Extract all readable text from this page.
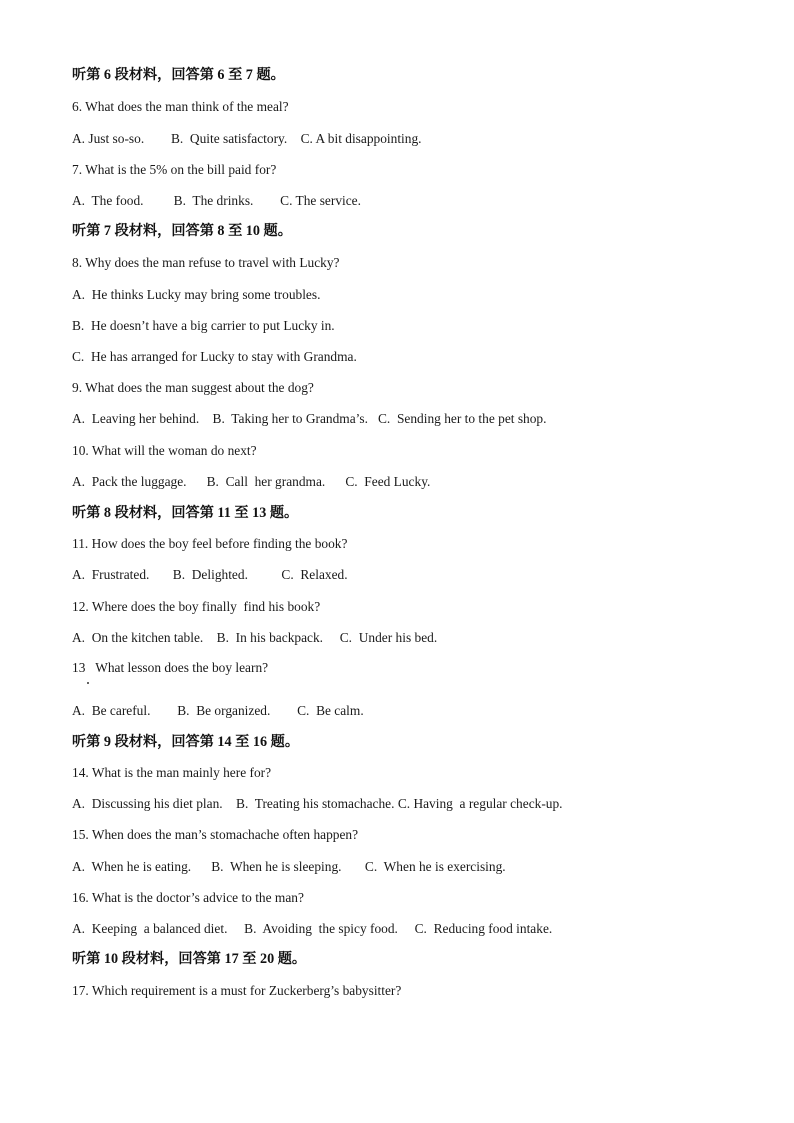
听第 6 段材料，回答第 6 至 7 题。
6. What does the man think of the meal?
A. Just so-so.        B.  Quite satisfactory.    C. A bit disappointing.
7. What is the 5% on the bill paid for?
A.  The food.         B.  The drinks.        C. The service.
听第 7 段材料，回答第 8 至 10 题。
8. Why does the man refuse to travel with Lucky?
A.  He thinks Lucky may bring some troubles.
B.  He doesn’t have a big carrier to put Lucky in.
C.  He has arranged for Lucky to stay with Grandma.
9. What does the man suggest about the dog?
A.  Leaving her behind.    B.  Taking her to Grandma’s.   C.  Sending her to the pet shop.
10. What will the woman do next?
A.  Pack the luggage.      B.  Call  her grandma.      C.  Feed Lucky.
听第 8 段材料，回答第 11 至 13 题。
11. How does the boy feel before finding the book?
A.  Frustrated.       B.  Delighted.          C.  Relaxed.
12. Where does the boy finally  find his book?
A.  On the kitchen table.    B.  In his backpack.     C.  Under his bed.
13   What lesson does the boy learn?
A.  Be careful.        B.  Be organized.        C.  Be calm.
听第 9 段材料，回答第 14 至 16 题。
14. What is the man mainly here for?
A.  Discussing his diet plan.    B.  Treating his stomachache. C. Having  a regular check-up.
15. When does the man’s stomachache often happen?
A.  When he is eating.      B.  When he is sleeping.       C.  When he is exercising.
16. What is the doctor’s advice to the man?
A.  Keeping  a balanced diet.     B.  Avoiding  the spicy food.     C.  Reducing food intake.
听第 10 段材料，回答第 17 至 20 题。
17. Which requirement is a must for Zuckerberg’s babysitter?
